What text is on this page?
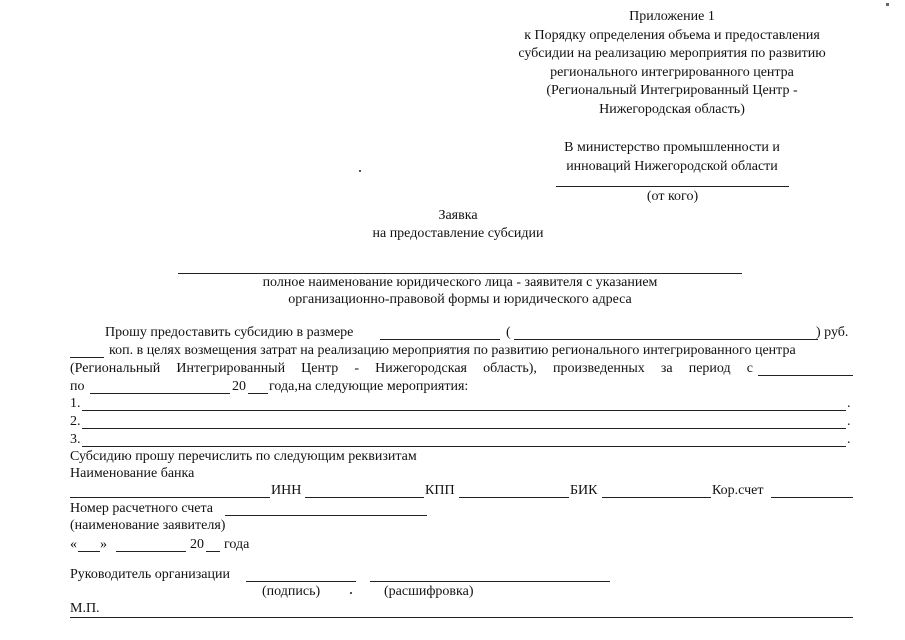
Приложение 1
к Порядку определения объема и предоставления
субсидии на реализацию мероприятия по развитию
регионального интегрированного центра
(Региональный Интегрированный Центр -
Нижегородская область)
В министерство промышленности и
инноваций Нижегородской области
(от кого)
Заявка
на предоставление субсидии
полное наименование юридического лица - заявителя с указанием
организационно-правовой формы и юридического адреса
Прошу предоставить субсидию в размере	(	) руб.
коп. в целях возмещения затрат на реализацию мероприятия по развитию регионального интегрированного центра
(Региональный Интегрированный Центр - Нижегородская область), произведенных за период с
по	20 года,на следующие мероприятия:
1.	.
2.	.
3.	.
Субсидию прошу перечислить по следующим реквизитам
Наименование банка
ИНН	КПП	БИК	Кор.счет
Номер расчетного счета
(наименование заявителя)
« »	20 года
Руководитель организации
(подпись)	(расшифровка)
М.П.
